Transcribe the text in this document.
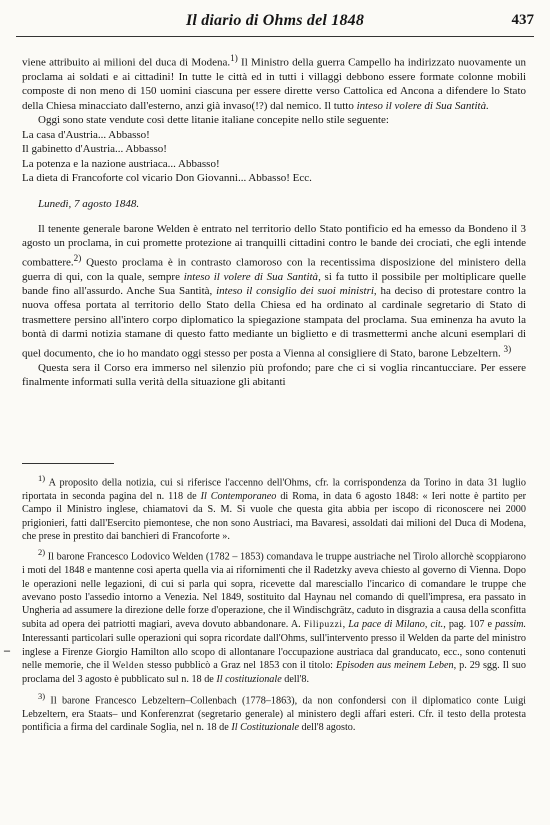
Il diario di Ohms del 1848	437

viene attribuito ai milioni del duca di Modena.$^{1)}$ Il Ministro della guerra Campello ha indirizzato nuovamente un proclama ai soldati e ai cittadini! In tutte le città ed in tutti i villaggi debbono essere formate colonne mobili composte di non meno di 150 uomini ciascuna per essere dirette verso Cattolica ed Ancona a difendere lo Stato della Chiesa minacciato dall'esterno, anzi già invaso(!?) dal nemico. Il tutto inteso il volere di Sua Santità.

Oggi sono state vendute così dette litanie italiane concepite nello stile seguente:

La casa d'Austria... Abbasso!

Il gabinetto d'Austria... Abbasso!

La potenza e la nazione austriaca... Abbasso!

La dieta di Francoforte col vicario Don Giovanni... Abbasso! Ecc.

Lunedì, 7 agosto 1848.

Il tenente generale barone Welden è entrato nel territorio dello Stato pontificio ed ha emesso da Bondeno il 3 agosto un proclama, in cui promette protezione ai tranquilli cittadini contro le bande dei crociati, che egli intende combattere.$^{2)}$ Questo proclama è in contrasto clamoroso con la recentissima disposizione del ministero della guerra di qui, con la quale, sempre inteso il volere di Sua Santità, si fa tutto il possibile per moltiplicare quelle bande fino all'assurdo. Anche Sua Santità, inteso il consiglio dei suoi ministri, ha deciso di protestare contro la nuova offesa portata al territorio dello Stato della Chiesa ed ha ordinato al cardinale segretario di Stato di trasmettere persino all'intero corpo diplomatico la spiegazione stampata del proclama. Sua eminenza ha avuto la bontà di darmi notizia stamane di questo fatto mediante un biglietto e di trasmettermi anche alcuni esemplari di quel documento, che io ho mandato oggi stesso per posta a Vienna al consigliere di Stato, barone Lebzeltern. $^{3)}$

Questa sera il Corso era immerso nel silenzio più profondo; pare che ci si voglia rincantucciare. Per essere finalmente informati sulla verità della situazione gli abitanti

$^{1)}$ A proposito della notizia, cui si riferisce l'accenno dell'Ohms, cfr. la corrispondenza da Torino in data 31 luglio riportata in seconda pagina del n. 118 de Il Contemporaneo di Roma, in data 6 agosto 1848: « Ieri notte è partito per Campo il Ministro inglese, chiamatovi da S. M. Si vuole che questa gita abbia per iscopo di riconoscere nei 2000 prigionieri, fatti dall'Esercito piemontese, che non sono Austriaci, ma Bavaresi, assoldati dai milioni del Duca di Modena, che prese in prestito dai banchieri di Francoforte ».

$^{2)}$ Il barone Francesco Lodovico Welden (1782 – 1853) comandava le truppe austriache nel Tirolo allorchè scoppiarono i moti del 1848 e mantenne così aperta quella via ai rifornimenti che il Radetzky aveva chiesto al governo di Vienna. Dopo le operazioni nelle legazioni, di cui si parla qui sopra, ricevette dal maresciallo l'incarico di comandare le truppe che avevano posto l'assedio intorno a Venezia. Nel 1849, sostituito dal Haynau nel comando di quell'impresa, era passato in Ungheria ad assumere la direzione delle forze d'operazione, che il Windischgrätz, caduto in disgrazia a causa della sconfitta subita ad opera dei patriotti magiari, aveva dovuto abbandonare. A. Filipuzzi, La pace di Milano, cit., pag. 107 e passim. Interessanti particolari sulle operazioni qui sopra ricordate dall'Ohms, sull'intervento presso il Welden da parte del ministro inglese a Firenze Giorgio Hamilton allo scopo di allontanare l'occupazione austriaca dal granducato, ecc., sono contenuti nelle memorie, che il Welden stesso pubblicò a Graz nel 1853 con il titolo: Episoden aus meinem Leben, p. 29 sgg. Il suo proclama del 3 agosto è pubblicato sul n. 18 de Il costituzionale dell'8.

$^{3)}$ Il barone Francesco Lebzeltern–Collenbach (1778–1863), da non confondersi con il diplomatico conte Luigi Lebzeltern, era Staats– und Konferenzrat (segretario generale) al ministero degli affari esteri. Cfr. il testo della protesta pontificia a firma del cardinale Soglia, nel n. 18 de Il Costituzionale dell'8 agosto.

–
